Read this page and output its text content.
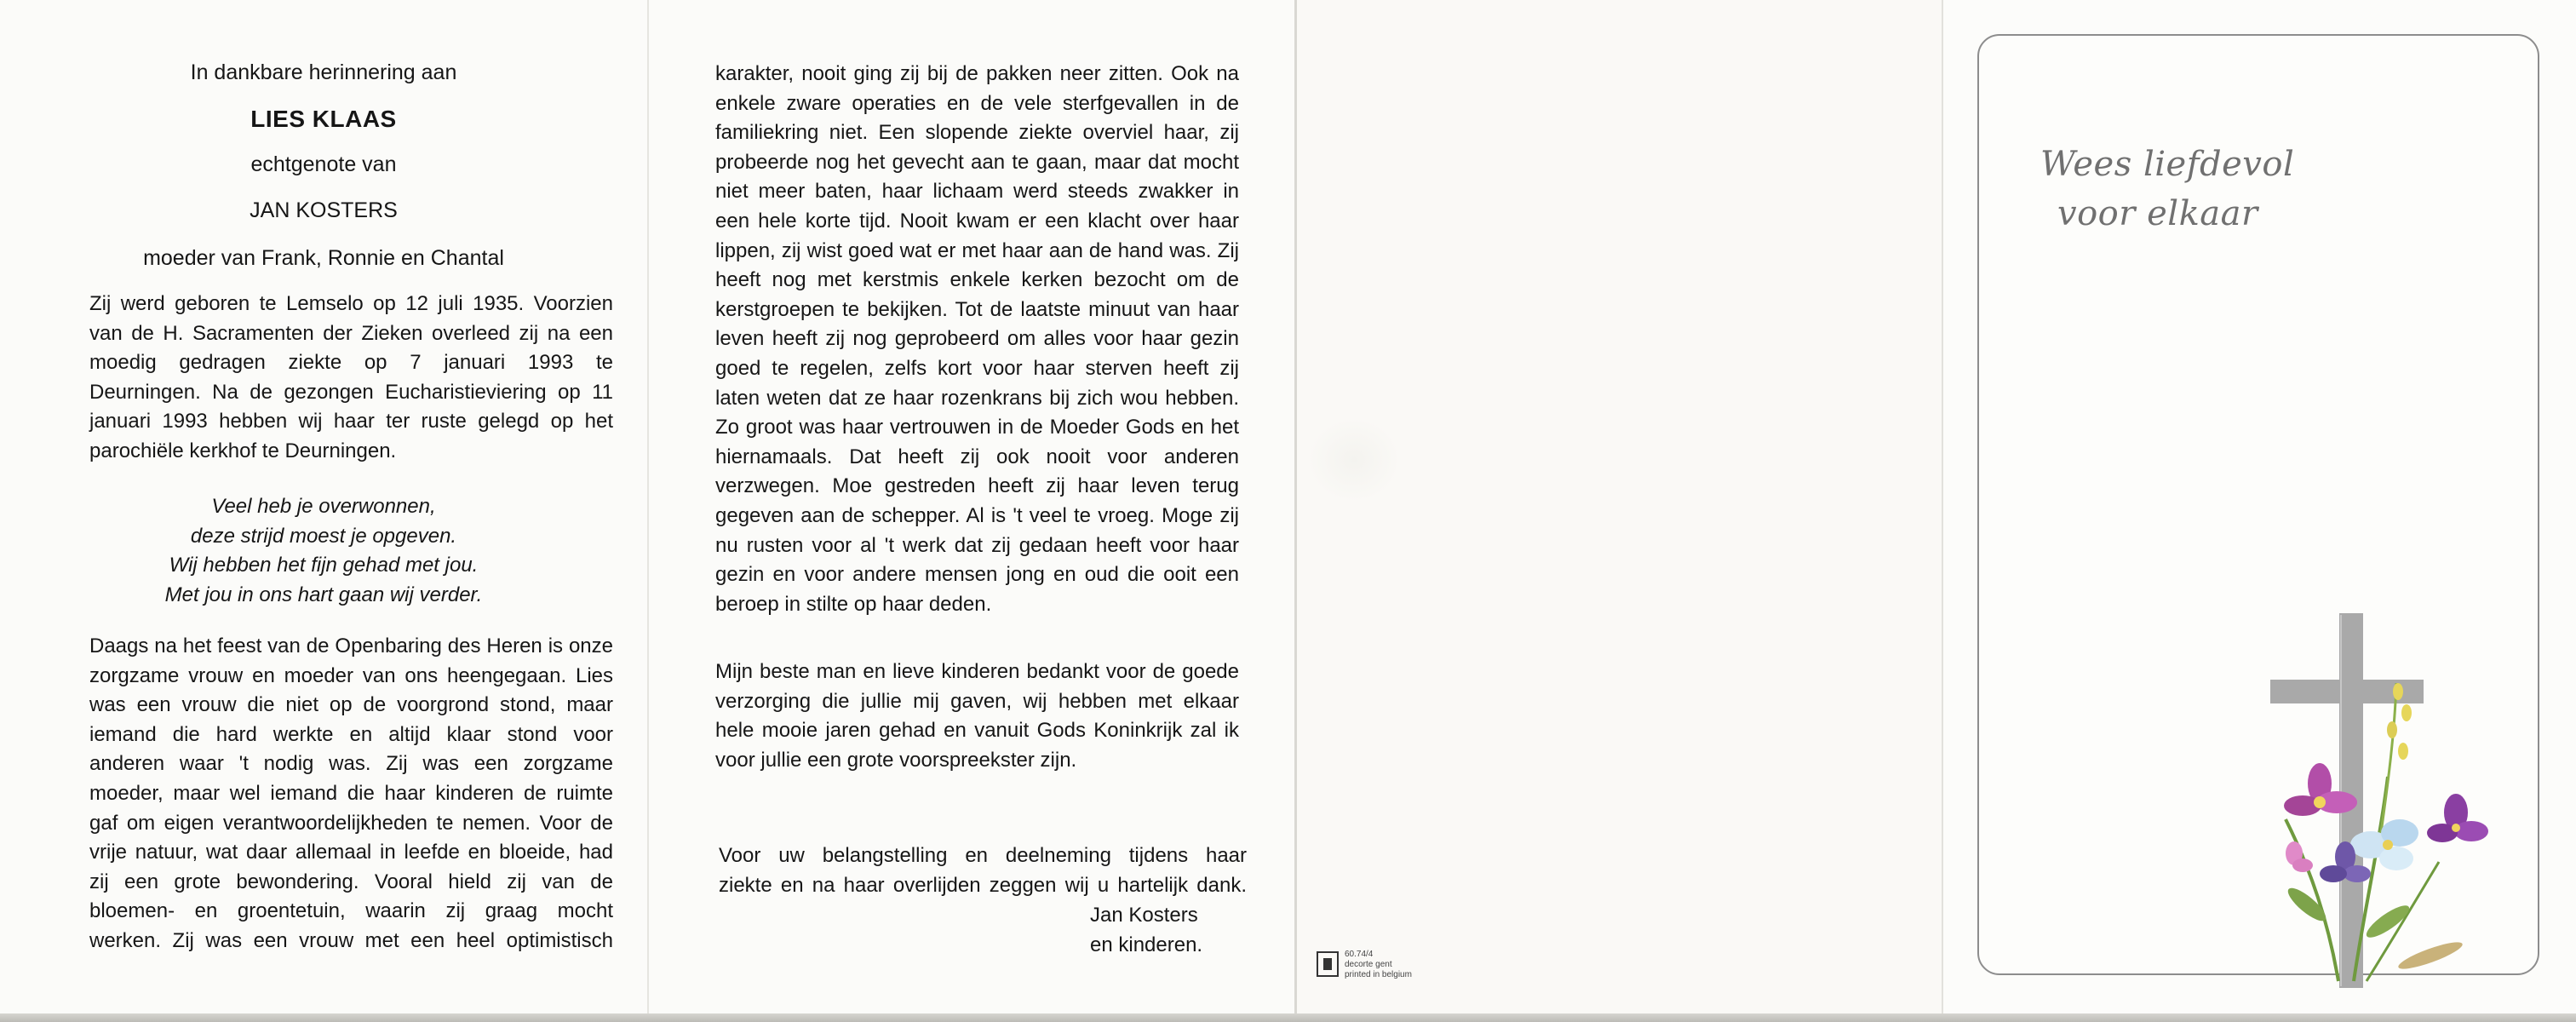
In dankbare herinnering aan
LIES KLAAS
echtgenote van
JAN KOSTERS
moeder van Frank, Ronnie en Chantal
Zij werd geboren te Lemselo op 12 juli 1935. Voorzien
van de H. Sacramenten der Zieken overleed zij na een
moedig gedragen ziekte op 7 januari 1993 te
Deurningen. Na de gezongen Eucharistieviering op 11
januari 1993 hebben wij haar ter ruste gelegd op het
parochiële kerkhof te Deurningen.
Veel heb je overwonnen,
deze strijd moest je opgeven.
Wij hebben het fijn gehad met jou.
Met jou in ons hart gaan wij verder.
Daags na het feest van de Openbaring des Heren is onze
zorgzame vrouw en moeder van ons heengegaan. Lies
was een vrouw die niet op de voorgrond stond, maar
iemand die hard werkte en altijd klaar stond voor
anderen waar 't nodig was. Zij was een zorgzame
moeder, maar wel iemand die haar kinderen de ruimte
gaf om eigen verantwoordelijkheden te nemen. Voor de
vrije natuur, wat daar allemaal in leefde en bloeide, had
zij een grote bewondering. Vooral hield zij van de
bloemen- en groentetuin, waarin zij graag mocht
werken. Zij was een vrouw met een heel optimistisch
karakter, nooit ging zij bij de pakken neer zitten. Ook na
enkele zware operaties en de vele sterfgevallen in de
familiekring niet. Een slopende ziekte overviel haar, zij
probeerde nog het gevecht aan te gaan, maar dat mocht
niet meer baten, haar lichaam werd steeds zwakker in
een hele korte tijd. Nooit kwam er een klacht over haar
lippen, zij wist goed wat er met haar aan de hand was. Zij
heeft nog met kerstmis enkele kerken bezocht om de
kerstgroepen te bekijken. Tot de laatste minuut van haar
leven heeft zij nog geprobeerd om alles voor haar gezin
goed te regelen, zelfs kort voor haar sterven heeft zij
laten weten dat ze haar rozenkrans bij zich wou hebben.
Zo groot was haar vertrouwen in de Moeder Gods en het
hiernamaals. Dat heeft zij ook nooit voor anderen
verzwegen. Moe gestreden heeft zij haar leven terug
gegeven aan de schepper. Al is 't veel te vroeg. Moge zij
nu rusten voor al 't werk dat zij gedaan heeft voor haar
gezin en voor andere mensen jong en oud die ooit een
beroep in stilte op haar deden.
Mijn beste man en lieve kinderen bedankt voor de goede
verzorging die jullie mij gaven, wij hebben met elkaar
hele mooie jaren gehad en vanuit Gods Koninkrijk zal ik
voor jullie een grote voorspreekster zijn.
Voor uw belangstelling en deelneming tijdens haar
ziekte en na haar overlijden zeggen wij u hartelijk dank.
Jan Kosters
en kinderen.	60.74/4
decorte gent
printed in belgium
Wees liefdevol
voor elkaar
